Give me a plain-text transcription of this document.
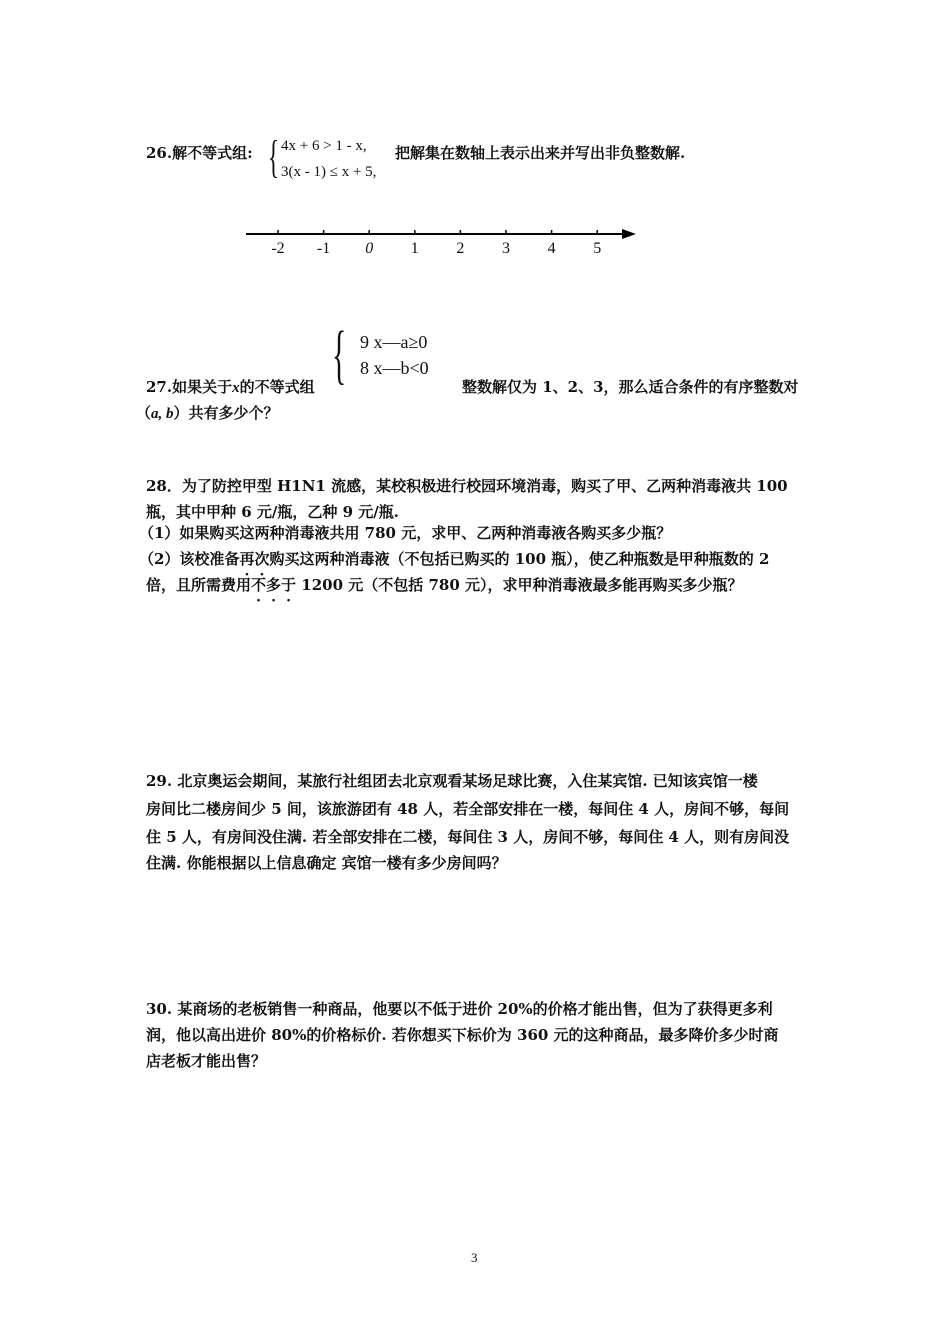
26.解不等式组: { 4x + 6 > 1 - x,
3(x - 1) ≤ x + 5,
把解集在数轴上表示出来并写出非负整数解.
-2 -1 0 1 2 3 4 5
{ 9 x—a≥0
8 x—b<0
27.如果关于x的不等式组	整数解仅为 1、2、3，那么适合条件的有序整数对
（a, b）共有多少个？
28．为了防控甲型 H1N1 流感，某校积极进行校园环境消毒，购买了甲、乙两种消毒液共 100
瓶，其中甲种 6 元/瓶，乙种 9 元/瓶.
（1）如果购买这两种消毒液共用 780 元，求甲、乙两种消毒液各购买多少瓶？
（2）该校准备再次购买这两种消毒液（不包括已购买的 100 瓶），使乙种瓶数是甲种瓶数的 2
倍，且所需费用不多于 1200 元（不包括 780 元），求甲种消毒液最多能再购买多少瓶？
29. 北京奥运会期间，某旅行社组团去北京观看某场足球比赛，入住某宾馆. 已知该宾馆一楼
房间比二楼房间少 5 间，该旅游团有 48 人，若全部安排在一楼，每间住 4 人，房间不够，每间
住 5 人，有房间没住满. 若全部安排在二楼，每间住 3 人，房间不够，每间住 4 人，则有房间没
住满. 你能根据以上信息确定 宾馆一楼有多少房间吗？
30. 某商场的老板销售一种商品，他要以不低于进价 20%的价格才能出售，但为了获得更多利
润，他以高出进价 80%的价格标价. 若你想买下标价为 360 元的这种商品，最多降价多少时商
店老板才能出售？
3
